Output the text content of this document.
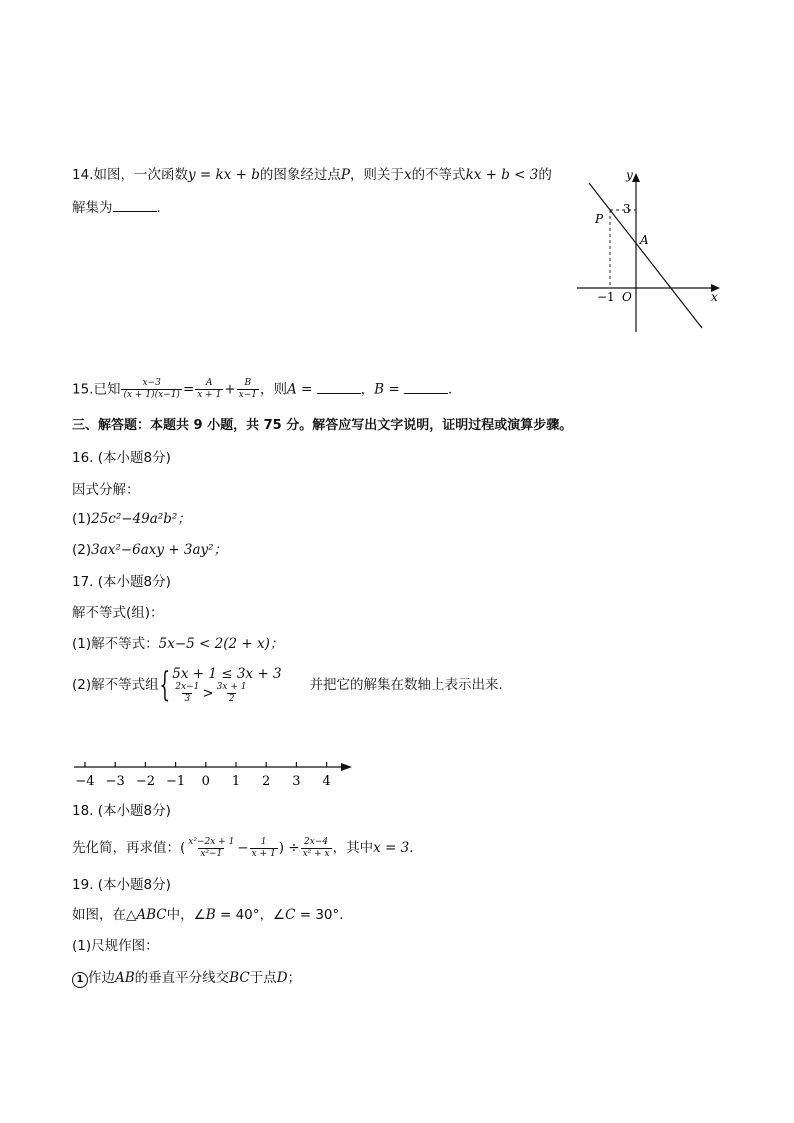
14.如图，一次函数y = kx + b的图象经过点P，则关于x的不等式kx + b < 3的
解集为	．
y
x
3
P
A
−1 O
15.已知 $\frac{x-3}{(x + 1)(x-1)} = \frac{A}{x + 1} + \frac{B}{x-1}$ ，则A =	，B =	．
三、解答题：本题共 9 小题，共 75 分。解答应写出文字说明，证明过程或演算步骤。
16. (本小题8分)
因式分解：
(1)25c²−49a²b²；
(2)3ax²−6axy + 3ay²；
17. (本小题8分)
解不等式(组)：
(1)解不等式：5x−5 < 2(2 + x)；
(2)解不等式组 { 5x + 1 ≤ 3x + 3
$\frac{2x-1}{3} > \frac{3x + 1}{2}$	并把它的解集在数轴上表示出来．
−4 −3 −2 −1 0 1 2 3 4
18. (本小题8分)
先化简，再求值：( $\frac{\text{x²−2x + 1}}{\text{x²−1}} - \frac{1}{x + 1}$ ) ÷ $\frac{2x-4}{\text{x² + x}}$ ，其中 x = 3 ．
19. (本小题8分)
如图，在△ABC中，∠B = 40°，∠C = 30°．
(1)尺规作图：
1 作边AB的垂直平分线交BC于点D；
